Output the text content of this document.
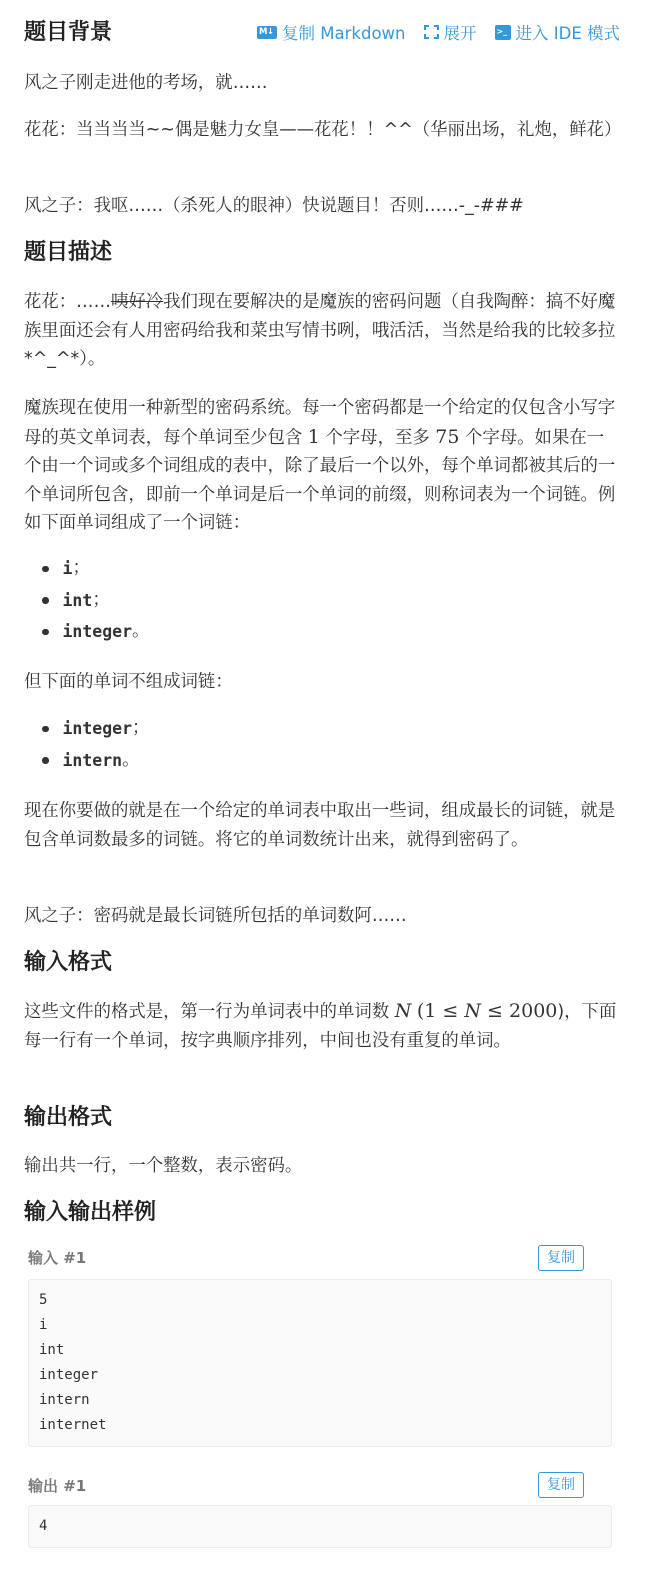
M↓
复制 Markdown 展开
>_ 进入 IDE 模式
题目背景

风之子刚走进他的考场，就……

花花：当当当当~~偶是魅力女皇——花花！！^^（华丽出场，礼炮，鲜花）

风之子：我呕……（杀死人的眼神）快说题目！否则……-_-###

题目描述

花花：……咦好冷我们现在要解决的是魔族的密码问题（自我陶醉：搞不好魔族里面还会有人用密码给我和菜虫写情书咧，哦活活，当然是给我的比较多拉*^_^*）。

魔族现在使用一种新型的密码系统。每一个密码都是一个给定的仅包含小写字母的英文单词表，每个单词至少包含 1 个字母，至多 75 个字母。如果在一个由一个词或多个词组成的表中，除了最后一个以外，每个单词都被其后的一个单词所包含，即前一个单词是后一个单词的前缀，则称词表为一个词链。例如下面单词组成了一个词链：

i ；
int ；
integer 。

但下面的单词不组成词链：

integer ；
intern 。

现在你要做的就是在一个给定的单词表中取出一些词，组成最长的词链，就是包含单词数最多的词链。将它的单词数统计出来，就得到密码了。

风之子：密码就是最长词链所包括的单词数阿……

输入格式

这些文件的格式是，第一行为单词表中的单词数 N (1 ≤ N ≤ 2000)，下面每一行有一个单词，按字典顺序排列，中间也没有重复的单词。

输出格式

输出共一行，一个整数，表示密码。

输入输出样例
输入 #1	复制
5
i
int
integer
intern
internet
输出 #1	复制
4
